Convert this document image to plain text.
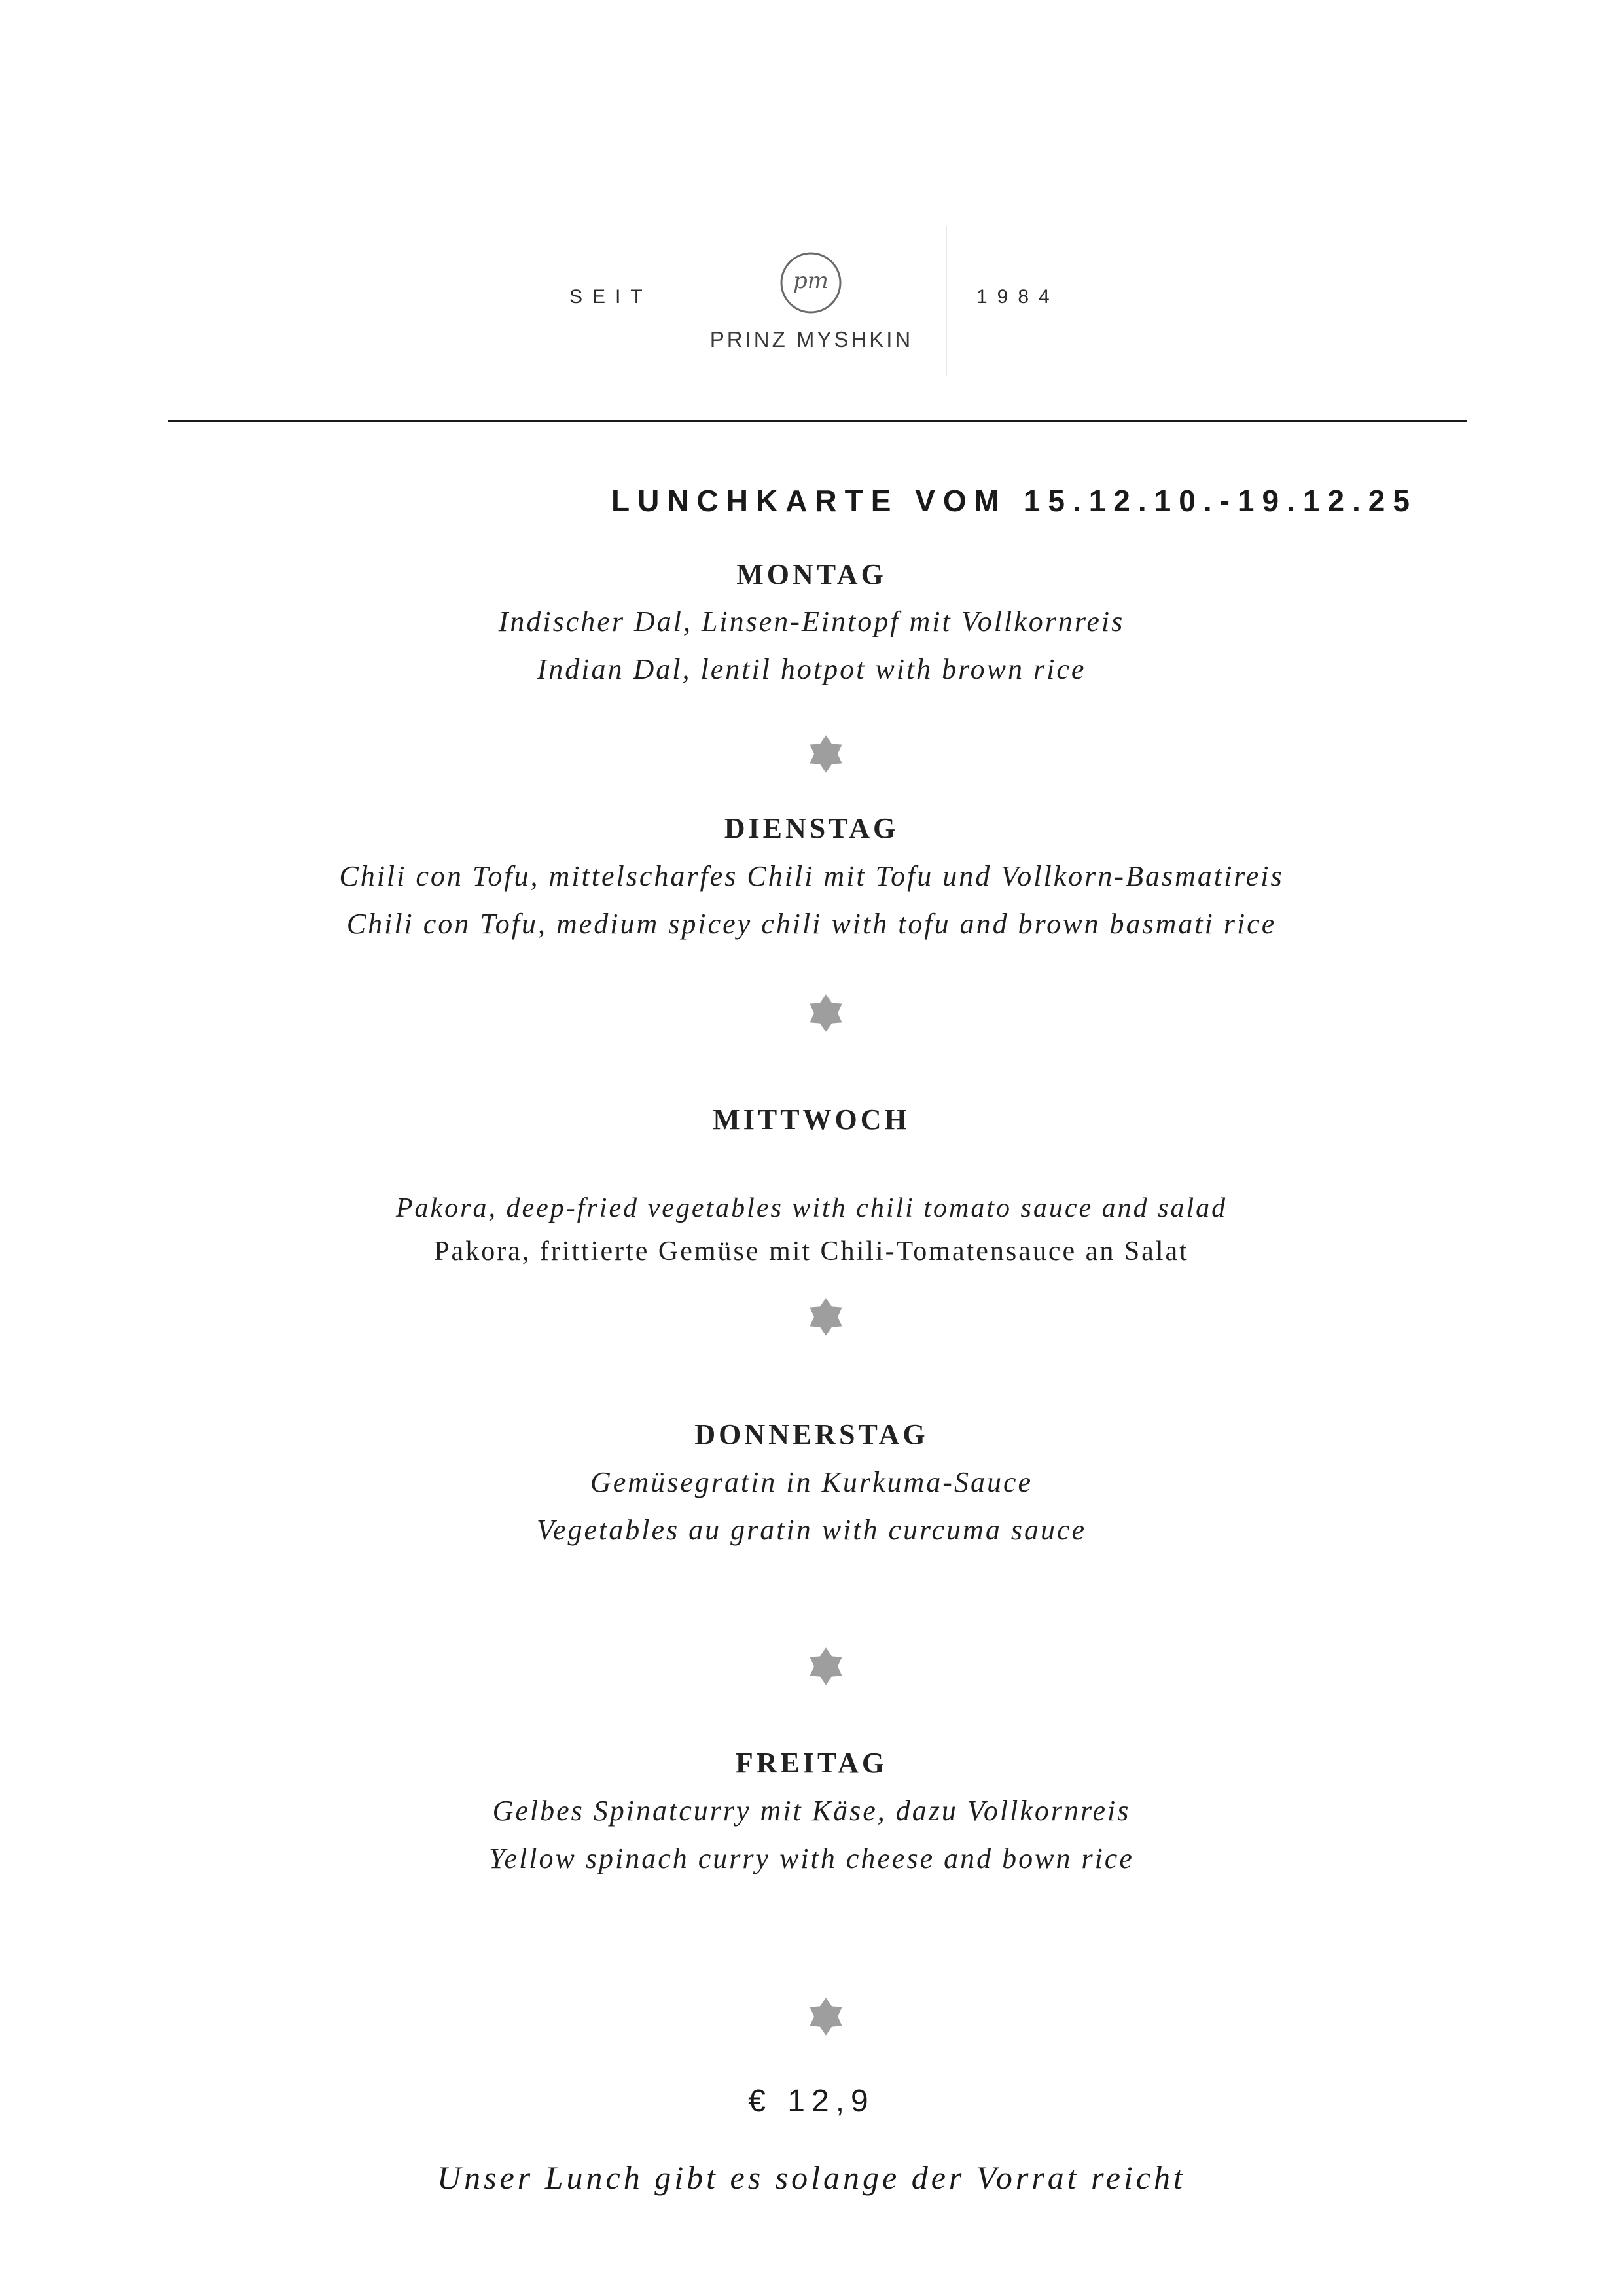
SEIT
pm
1984
PRINZ MYSHKIN
LUNCHKARTE VOM 15.12.10.-19.12.25
MONTAG
Indischer Dal, Linsen-Eintopf mit Vollkornreis
Indian Dal, lentil hotpot with brown rice
DIENSTAG
Chili con Tofu, mittelscharfes Chili mit Tofu und Vollkorn-Basmatireis
Chili con Tofu, medium spicey chili with tofu and brown basmati rice
MITTWOCH
Pakora, deep-fried vegetables with chili tomato sauce and salad
Pakora, frittierte Gemüse mit Chili-Tomatensauce an Salat
DONNERSTAG
Gemüsegratin in Kurkuma-Sauce
Vegetables au gratin with curcuma sauce
FREITAG
Gelbes Spinatcurry mit Käse, dazu Vollkornreis
Yellow spinach curry with cheese and bown rice
€ 12,9
Unser Lunch gibt es solange der Vorrat reicht
